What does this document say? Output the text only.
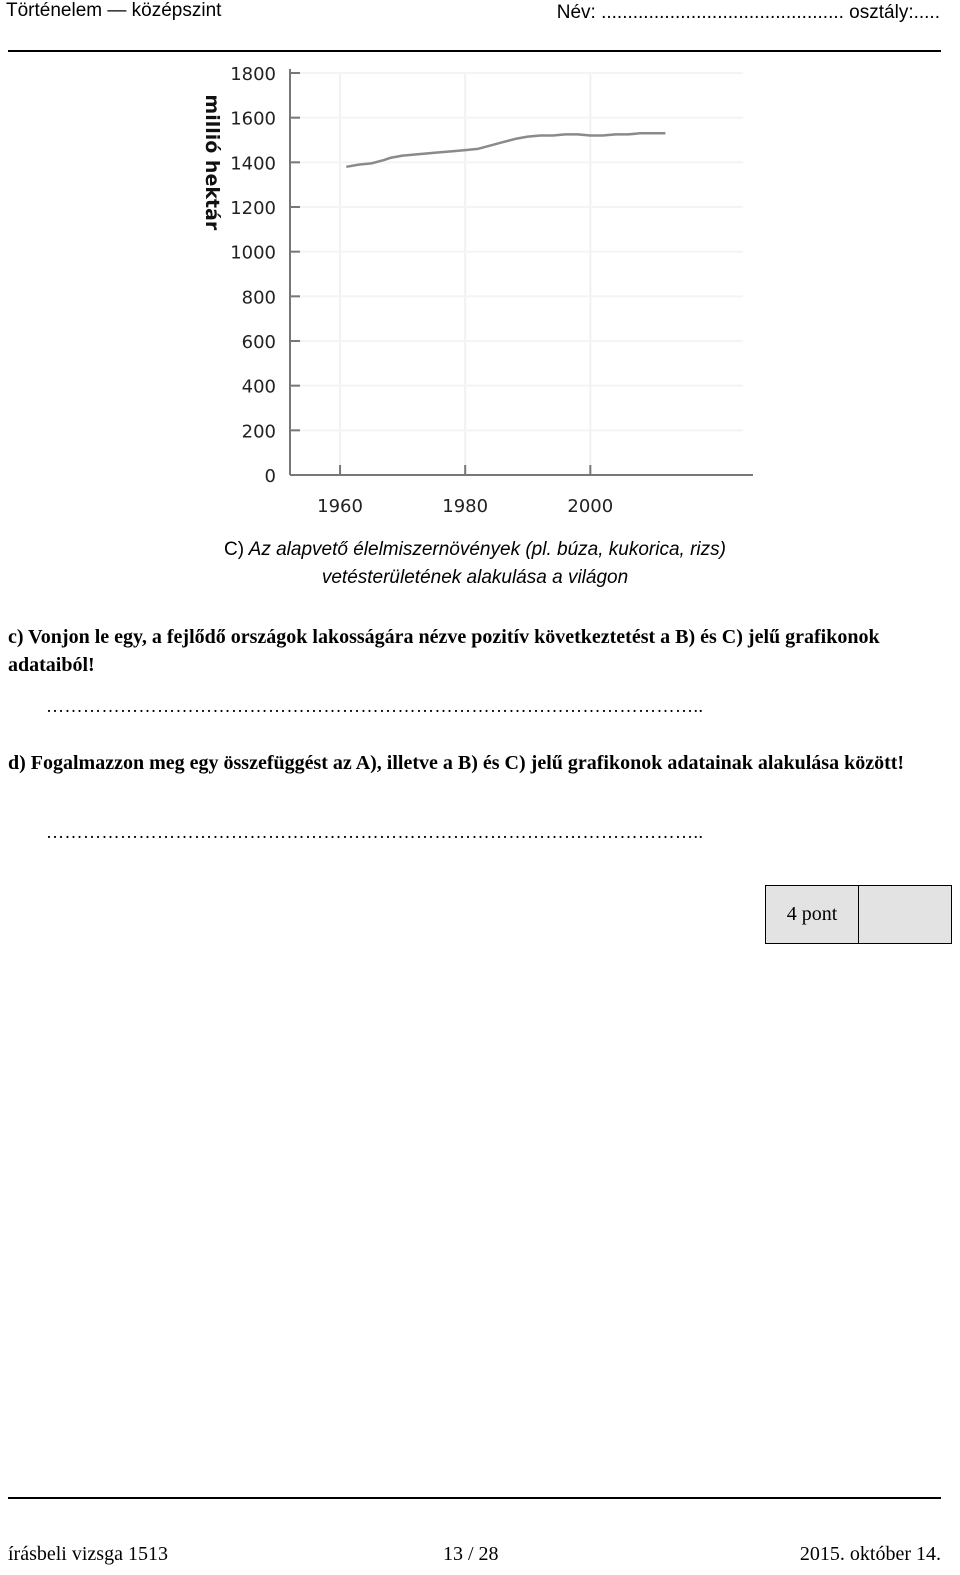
Történelem — középszint	Név: .............................................. osztály:.....
0
200
400
600
800
1000
1200
1400
1600
1800
1960	1980	2000
millió hektár
C) Az alapvető élelmiszernövények (pl. búza, kukorica, rizs)
vetésterületének alakulása a világon
c) Vonjon le egy, a fejlődő országok lakosságára nézve pozitív következtetést a B) és C) jelű grafikonok adataiból!
……………………………………………………………………………………………..
d) Fogalmazzon meg egy összefüggést az A), illetve a B) és C) jelű grafikonok adatainak alakulása között!
……………………………………………………………………………………………..
4 pont
írásbeli vizsga 1513	13 / 28	2015. október 14.
